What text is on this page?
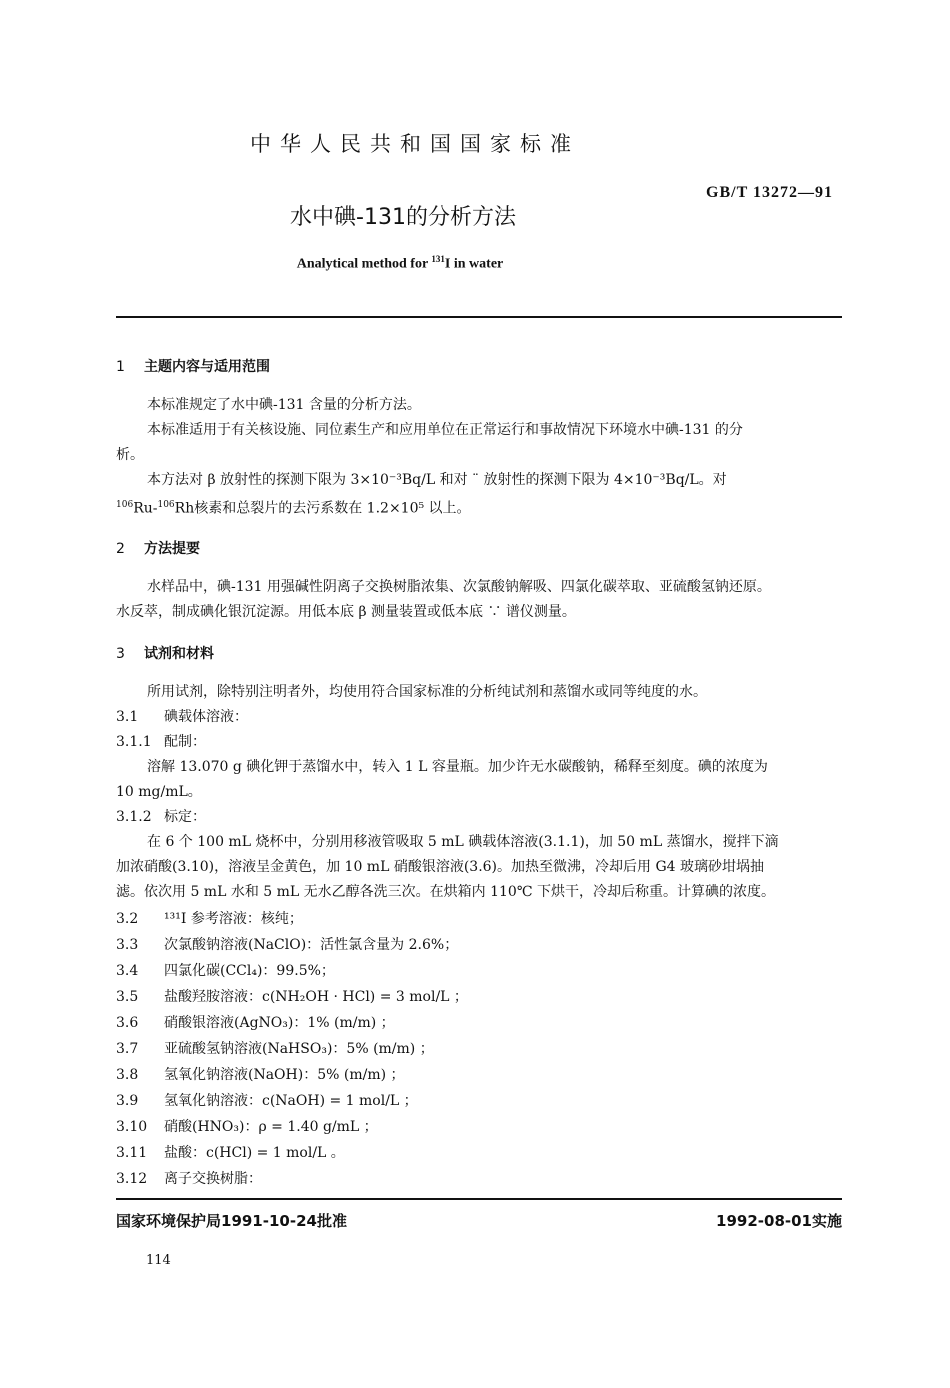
中华人民共和国国家标准
GB/T 13272—91
水中碘-131的分析方法
Analytical method for $^{131}$I in water
1 主题内容与适用范围
本标准规定了水中碘-131 含量的分析方法。
本标准适用于有关核设施、同位素生产和应用单位在正常运行和事故情况下环境水中碘-131 的分
析。
本方法对 β 放射性的探测下限为 3×10⁻³Bq/L 和对 ¨ 放射性的探测下限为 4×10⁻³Bq/L。对
$^{106}$Ru-$^{106}$Rh核素和总裂片的去污系数在 1.2×10⁵ 以上。
2 方法提要
水样品中，碘-131 用强碱性阴离子交换树脂浓集、次氯酸钠解吸、四氯化碳萃取、亚硫酸氢钠还原。
水反萃，制成碘化银沉淀源。用低本底 β 测量装置或低本底 ∵ 谱仪测量。
3 试剂和材料
所用试剂，除特别注明者外，均使用符合国家标准的分析纯试剂和蒸馏水或同等纯度的水。
3.1 碘载体溶液：
3.1.1 配制：
溶解 13.070 g 碘化钾于蒸馏水中，转入 1 L 容量瓶。加少许无水碳酸钠，稀释至刻度。碘的浓度为
10 mg/mL。
3.1.2 标定：
在 6 个 100 mL 烧杯中，分别用移液管吸取 5 mL 碘载体溶液(3.1.1)，加 50 mL 蒸馏水，搅拌下滴
加浓硝酸(3.10)，溶液呈金黄色，加 10 mL 硝酸银溶液(3.6)。加热至微沸，冷却后用 G4 玻璃砂坩埚抽
滤。依次用 5 mL 水和 5 mL 无水乙醇各洗三次。在烘箱内 110℃ 下烘干，冷却后称重。计算碘的浓度。
3.2 ¹³¹I 参考溶液：核纯；
3.3 次氯酸钠溶液(NaClO)：活性氯含量为 2.6%；
3.4 四氯化碳(CCl₄)：99.5%；
3.5 盐酸羟胺溶液：c(NH₂OH · HCl) = 3 mol/L ；
3.6 硝酸银溶液(AgNO₃)：1% (m/m) ；
3.7 亚硫酸氢钠溶液(NaHSO₃)：5% (m/m) ；
3.8 氢氧化钠溶液(NaOH)：5% (m/m) ；
3.9 氢氧化钠溶液：c(NaOH) = 1 mol/L ；
3.10 硝酸(HNO₃)：ρ = 1.40 g/mL ；
3.11 盐酸：c(HCl) = 1 mol/L 。
3.12 离子交换树脂：
国家环境保护局1991-10-24批准	1992-08-01实施
114
